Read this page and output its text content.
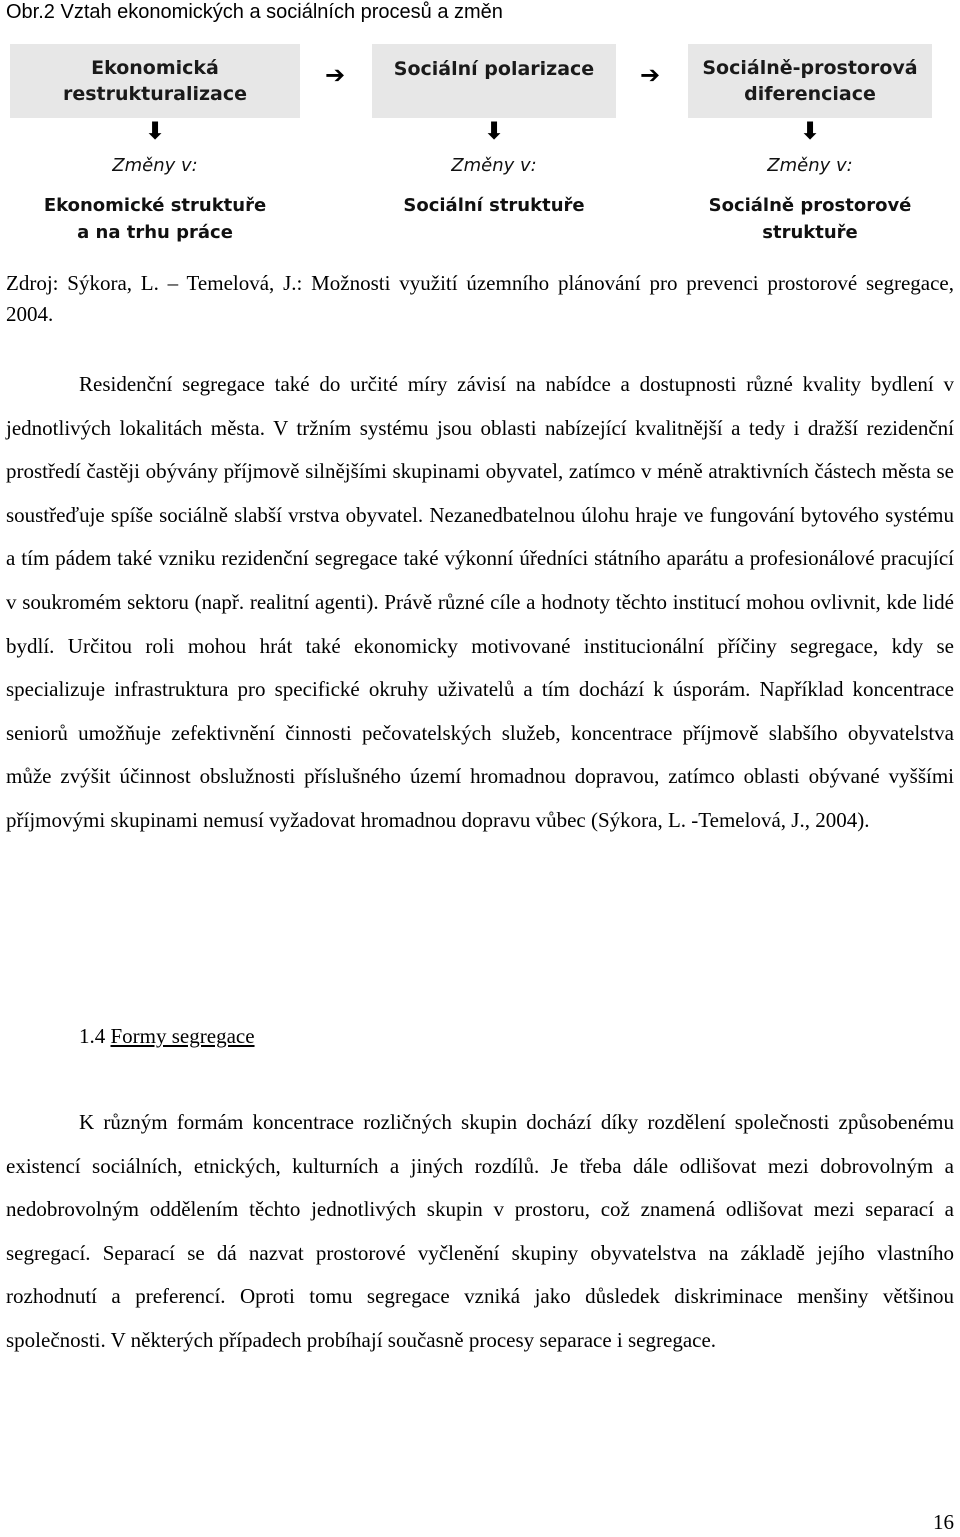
Obr.2 Vztah ekonomických a sociálních procesů a změn
Ekonomická restrukturalizace
⬇
Změny v:
Ekonomické struktuře a na trhu práce
➔	Sociální polarizace
⬇
Změny v:
Sociální struktuře
➔ Sociálně-prostorová diferenciace
⬇
Změny v:
Sociálně prostorové struktuře
Zdroj: Sýkora, L. – Temelová, J.: Možnosti využití územního plánování pro prevenci prostorové segregace, 2004.
Residenční segregace také do určité míry závisí na nabídce a dostupnosti různé kvality bydlení v jednotlivých lokalitách města. V tržním systému jsou oblasti nabízející kvalitnější a tedy i dražší rezidenční prostředí častěji obývány příjmově silnějšími skupinami obyvatel, zatímco v méně atraktivních částech města se soustřeďuje spíše sociálně slabší vrstva obyvatel. Nezanedbatelnou úlohu hraje ve fungování bytového systému a tím pádem také vzniku rezidenční segregace také výkonní úředníci státního aparátu a profesionálové pracující v soukromém sektoru (např. realitní agenti). Právě různé cíle a hodnoty těchto institucí mohou ovlivnit, kde lidé bydlí. Určitou roli mohou hrát také ekonomicky motivované institucionální příčiny segregace, kdy se specializuje infrastruktura pro specifické okruhy uživatelů a tím dochází k úsporám. Například koncentrace seniorů umožňuje zefektivnění činnosti pečovatelských služeb, koncentrace příjmově slabšího obyvatelstva může zvýšit účinnost obslužnosti příslušného území hromadnou dopravou, zatímco oblasti obývané vyššími příjmovými skupinami nemusí vyžadovat hromadnou dopravu vůbec (Sýkora, L. -Temelová, J., 2004).
1.4 Formy segregace
K různým formám koncentrace rozličných skupin dochází díky rozdělení společnosti způsobenému existencí sociálních, etnických, kulturních a jiných rozdílů. Je třeba dále odlišovat mezi dobrovolným a nedobrovolným oddělením těchto jednotlivých skupin v prostoru, což znamená odlišovat mezi separací a segregací. Separací se dá nazvat prostorové vyčlenění skupiny obyvatelstva na základě jejího vlastního rozhodnutí a preferencí. Oproti tomu segregace vzniká jako důsledek diskriminace menšiny většinou společnosti. V některých případech probíhají současně procesy separace i segregace.
16
